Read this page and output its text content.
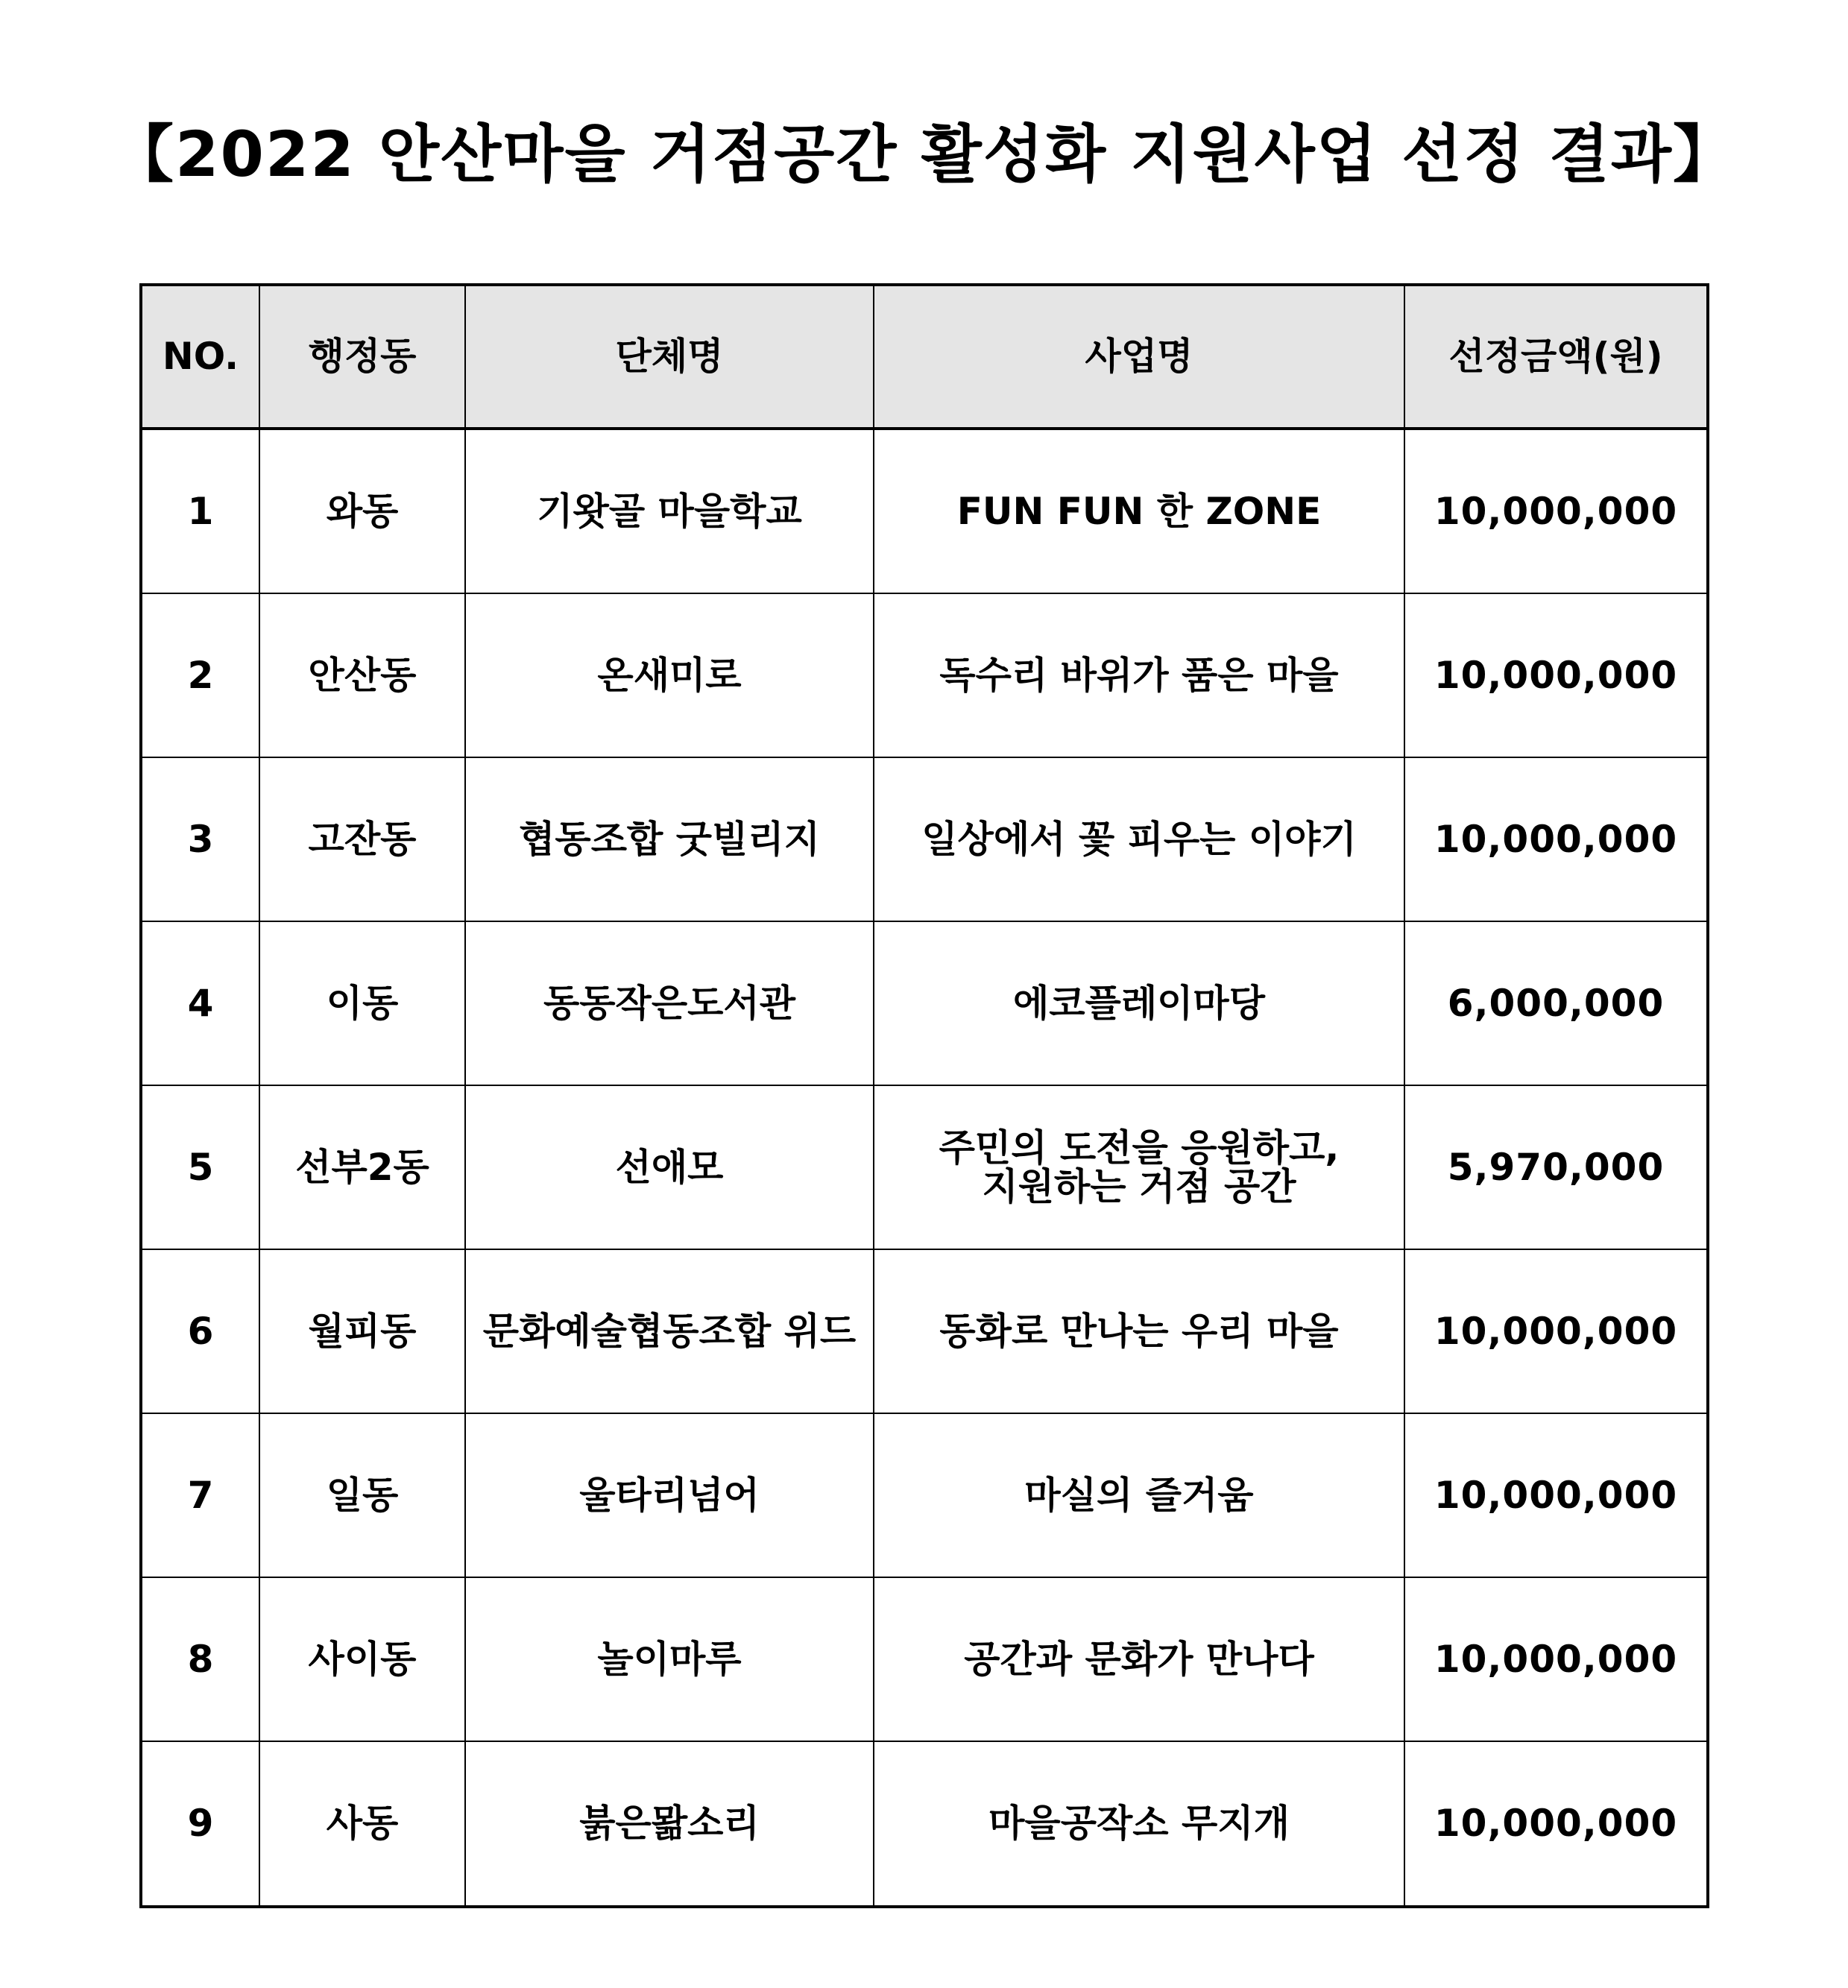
【2022 안산마을 거점공간 활성화 지원사업 선정 결과】
NO.	행정동	단체명	사업명	선정금액(원)
1	와동	기왓골 마을학교	FUN FUN 한 ZONE	10,000,000
2	안산동	온새미로	독수리 바위가 품은 마을	10,000,000
3	고잔동	협동조합 굿빌리지	일상에서 꽃 피우는 이야기	10,000,000
4	이동	동동작은도서관	에코플레이마당	6,000,000
5	선부2동	선애모	주민의 도전을 응원하고,
지원하는 거점 공간	5,970,000
6	월피동	문화예술협동조합 위드	동화로 만나는 우리 마을	10,000,000
7	일동	울타리넘어	마실의 즐거움	10,000,000
8	사이동	놀이마루	공간과 문화가 만나다	10,000,000
9	사동	붉은뫎소리	마을공작소 무지개	10,000,000
